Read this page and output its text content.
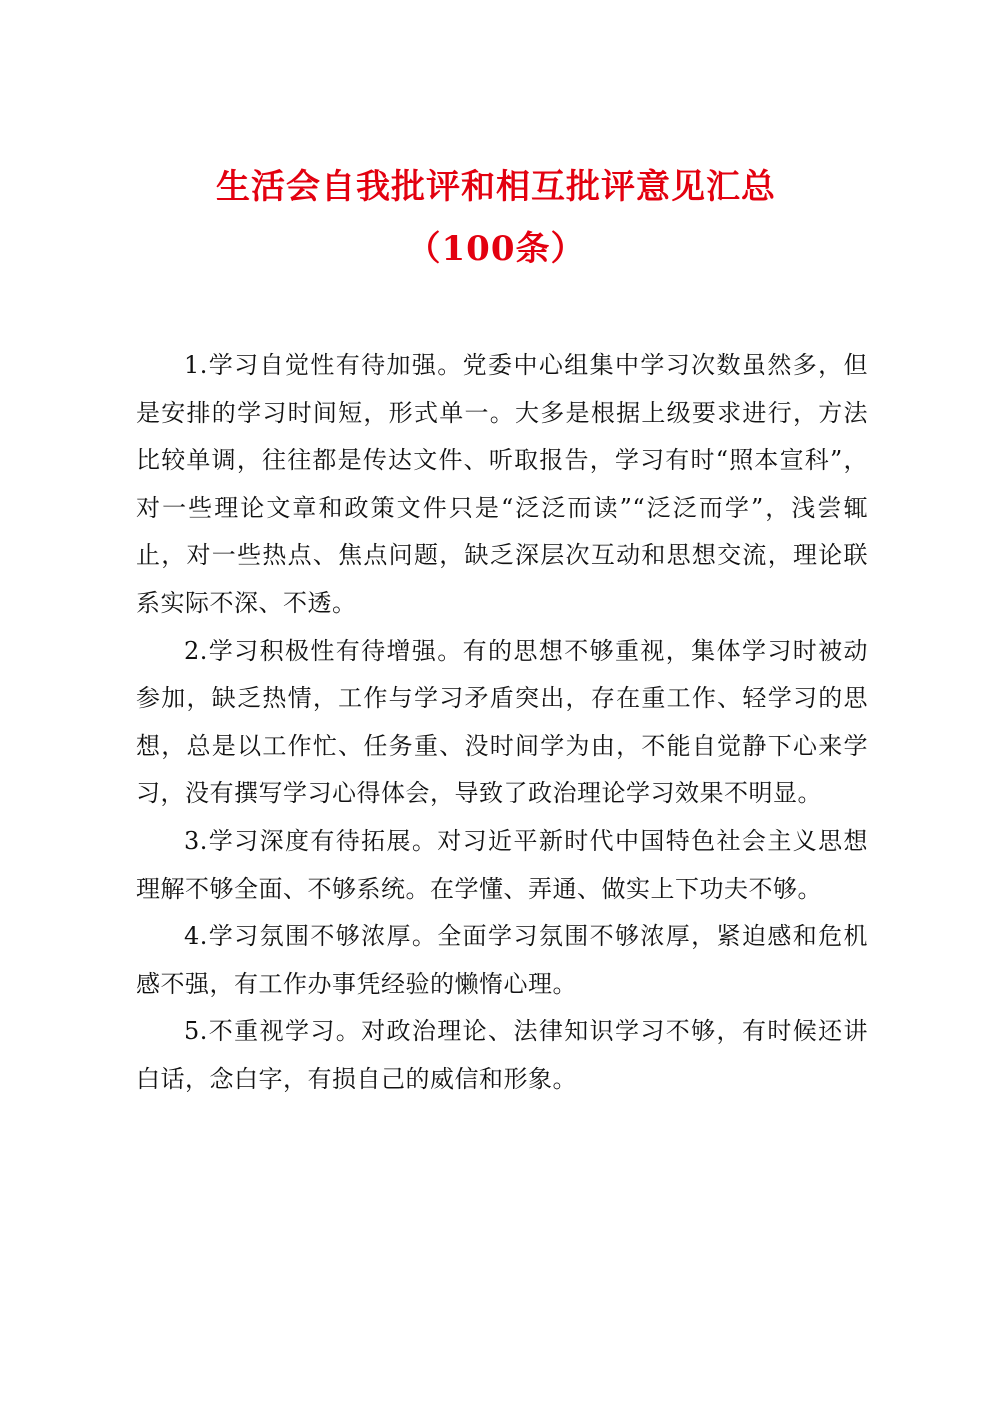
生活会自我批评和相互批评意见汇总
（100条）

1.学习自觉性有待加强。党委中心组集中学习次数虽然多，但是安排的学习时间短，形式单一。大多是根据上级要求进行，方法比较单调，往往都是传达文件、听取报告，学习有时“照本宣科”，对一些理论文章和政策文件只是“泛泛而读”“泛泛而学”，浅尝辄止，对一些热点、焦点问题，缺乏深层次互动和思想交流，理论联系实际不深、不透。

2.学习积极性有待增强。有的思想不够重视，集体学习时被动参加，缺乏热情，工作与学习矛盾突出，存在重工作、轻学习的思想，总是以工作忙、任务重、没时间学为由，不能自觉静下心来学习，没有撰写学习心得体会，导致了政治理论学习效果不明显。

3.学习深度有待拓展。对习近平新时代中国特色社会主义思想理解不够全面、不够系统。在学懂、弄通、做实上下功夫不够。

4.学习氛围不够浓厚。全面学习氛围不够浓厚，紧迫感和危机感不强，有工作办事凭经验的懒惰心理。

5.不重视学习。对政治理论、法律知识学习不够，有时候还讲白话，念白字，有损自己的威信和形象。
